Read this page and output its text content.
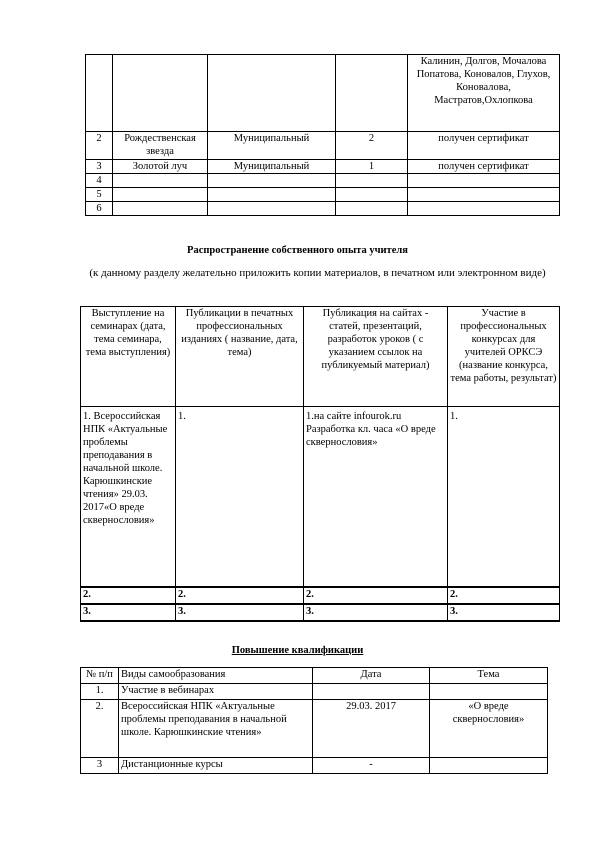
				Калинин, Долгов, Мочалова Попатова, Коновалов, Глухов, Коновалова, Мастратов,Охлопкова
2	Рождественская звезда	Муниципальный	2	получен сертификат
3	Золотой луч	Муниципальный	1	получен сертификат
4				
5				
6				
Распространение собственного опыта учителя
(к данному разделу желательно приложить копии материалов, в печатном или электронном виде)
Выступление на семинарах (дата, тема семинара, тема выступления)	Публикации в печатных профессиональных изданиях ( название, дата, тема)	Публикация на сайтах - статей, презентаций, разработок уроков ( с указанием ссылок на публикуемый материал)	Участие в профессиональных конкурсах для учителей ОРКСЭ (название конкурса, тема работы, результат)
1. Всероссийская НПК «Актуальные проблемы преподавания в начальной школе. Карюшкинские чтения» 29.03. 2017«О вреде сквернословия»	1.	1.на сайте infourok.ru Разработка кл. часа «О вреде сквернословия»	1.
2.	2.	2.	2.
3.	3.	3.	3.
Повышение квалификации
№ п/п	Виды самообразования	Дата	Тема
1.	Участие в вебинарах		
2.	Всероссийская НПК «Актуальные проблемы преподавания в начальной школе. Карюшкинские чтения»	29.03. 2017	«О вреде сквернословия»
3	Дистанционные курсы	-	
